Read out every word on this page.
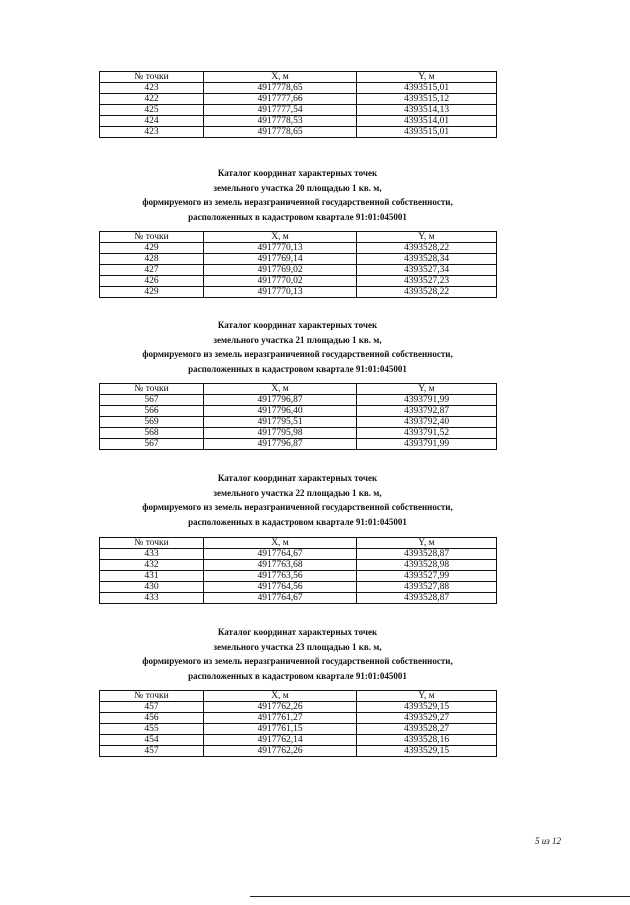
№ точки	X, м	Y, м
423	4917778,65	4393515,01
422	4917777,66	4393515,12
425	4917777,54	4393514,13
424	4917778,53	4393514,01
423	4917778,65	4393515,01
Каталог координат характерных точек
земельного участка 20 площадью 1 кв. м,
формируемого из земель неразграниченной государственной собственности,
расположенных в кадастровом квартале 91:01:045001
№ точки	X, м	Y, м
429	4917770,13	4393528,22
428	4917769,14	4393528,34
427	4917769,02	4393527,34
426	4917770,02	4393527,23
429	4917770,13	4393528,22
Каталог координат характерных точек
земельного участка 21 площадью 1 кв. м,
формируемого из земель неразграниченной государственной собственности,
расположенных в кадастровом квартале 91:01:045001
№ точки	X, м	Y, м
567	4917796,87	4393791,99
566	4917796,40	4393792,87
569	4917795,51	4393792,40
568	4917795,98	4393791,52
567	4917796,87	4393791,99
Каталог координат характерных точек
земельного участка 22 площадью 1 кв. м,
формируемого из земель неразграниченной государственной собственности,
расположенных в кадастровом квартале 91:01:045001
№ точки	X, м	Y, м
433	4917764,67	4393528,87
432	4917763,68	4393528,98
431	4917763,56	4393527,99
430	4917764,56	4393527,88
433	4917764,67	4393528,87
Каталог координат характерных точек
земельного участка 23 площадью 1 кв. м,
формируемого из земель неразграниченной государственной собственности,
расположенных в кадастровом квартале 91:01:045001
№ точки	X, м	Y, м
457	4917762,26	4393529,15
456	4917761,27	4393529,27
455	4917761,15	4393528,27
454	4917762,14	4393528,16
457	4917762,26	4393529,15
5 из 12
